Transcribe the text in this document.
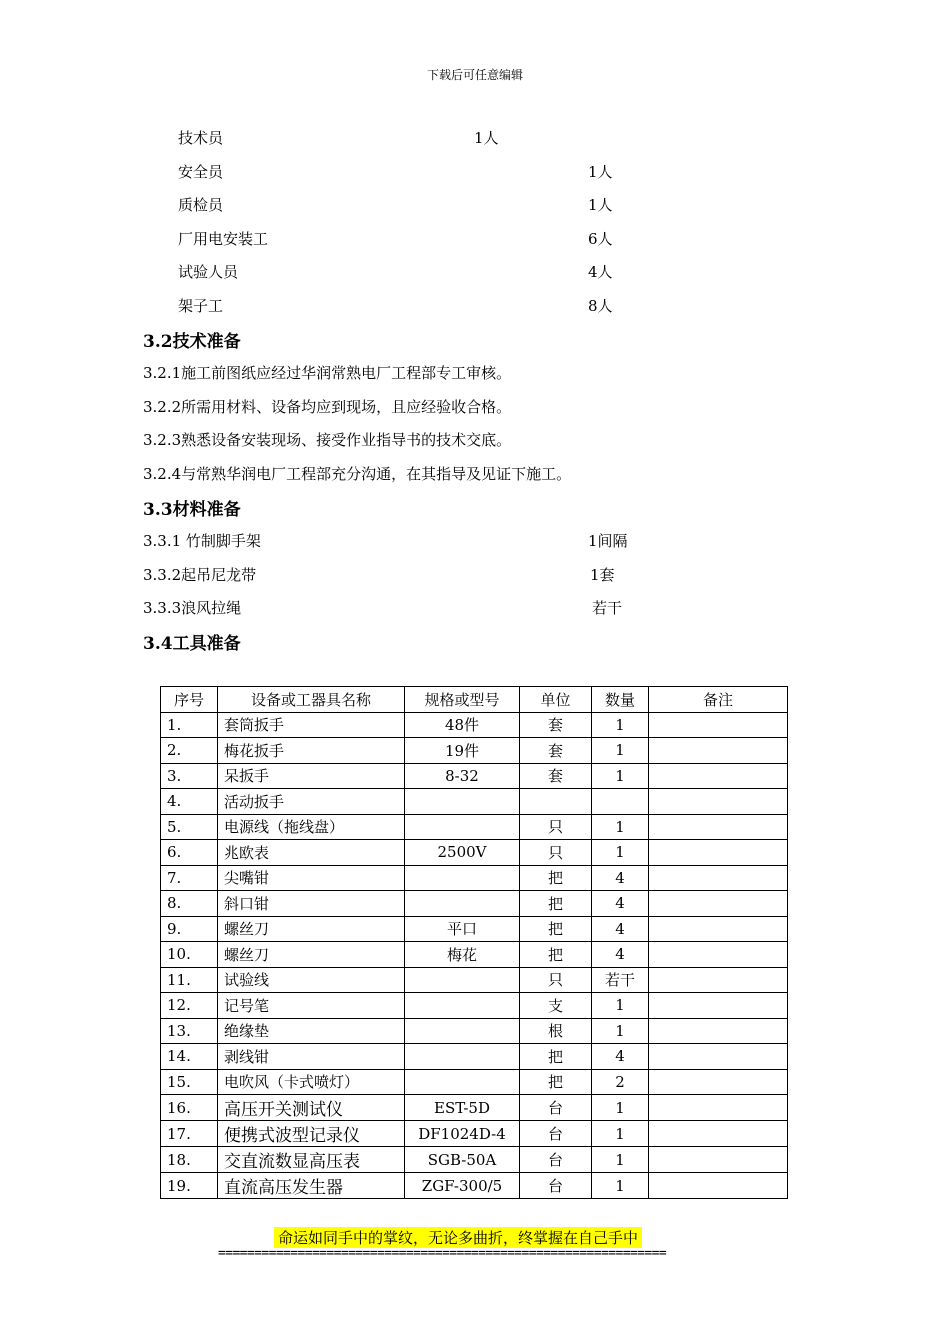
下载后可任意编辑
技术员	1人
安全员	1人
质检员	1人
厂用电安装工	6人
试验人员	4人
架子工	8人
3.2技术准备
3.2.1施工前图纸应经过华润常熟电厂工程部专工审核。
3.2.2所需用材料、设备均应到现场，且应经验收合格。
3.2.3熟悉设备安装现场、接受作业指导书的技术交底。
3.2.4与常熟华润电厂工程部充分沟通，在其指导及见证下施工。
3.3材料准备
3.3.1 竹制脚手架	1间隔
3.3.2起吊尼龙带	1套
3.3.3浪风拉绳	若干
3.4工具准备
序号	设备或工器具名称	规格或型号	单位	数量	备注
1.	套筒扳手	48件	套	1	
2.	梅花扳手	19件	套	1	
3.	呆扳手	8-32	套	1	
4.	活动扳手				
5.	电源线（拖线盘）		只	1	
6.	兆欧表	2500V	只	1	
7.	尖嘴钳		把	4	
8.	斜口钳		把	4	
9.	螺丝刀	平口	把	4	
10.	螺丝刀	梅花	把	4	
11.	试验线		只	若干	
12.	记号笔		支	1	
13.	绝缘垫		根	1	
14.	剥线钳		把	4	
15.	电吹风（卡式喷灯）		把	2	
16.	高压开关测试仪	EST-5D	台	1	
17.	便携式波型记录仪	DF1024D-4	台	1	
18.	交直流数显高压表	SGB-50A	台	1	
19.	直流高压发生器	ZGF-300/5	台	1	
命运如同手中的掌纹，无论多曲折，终掌握在自己手中
==============================================================
